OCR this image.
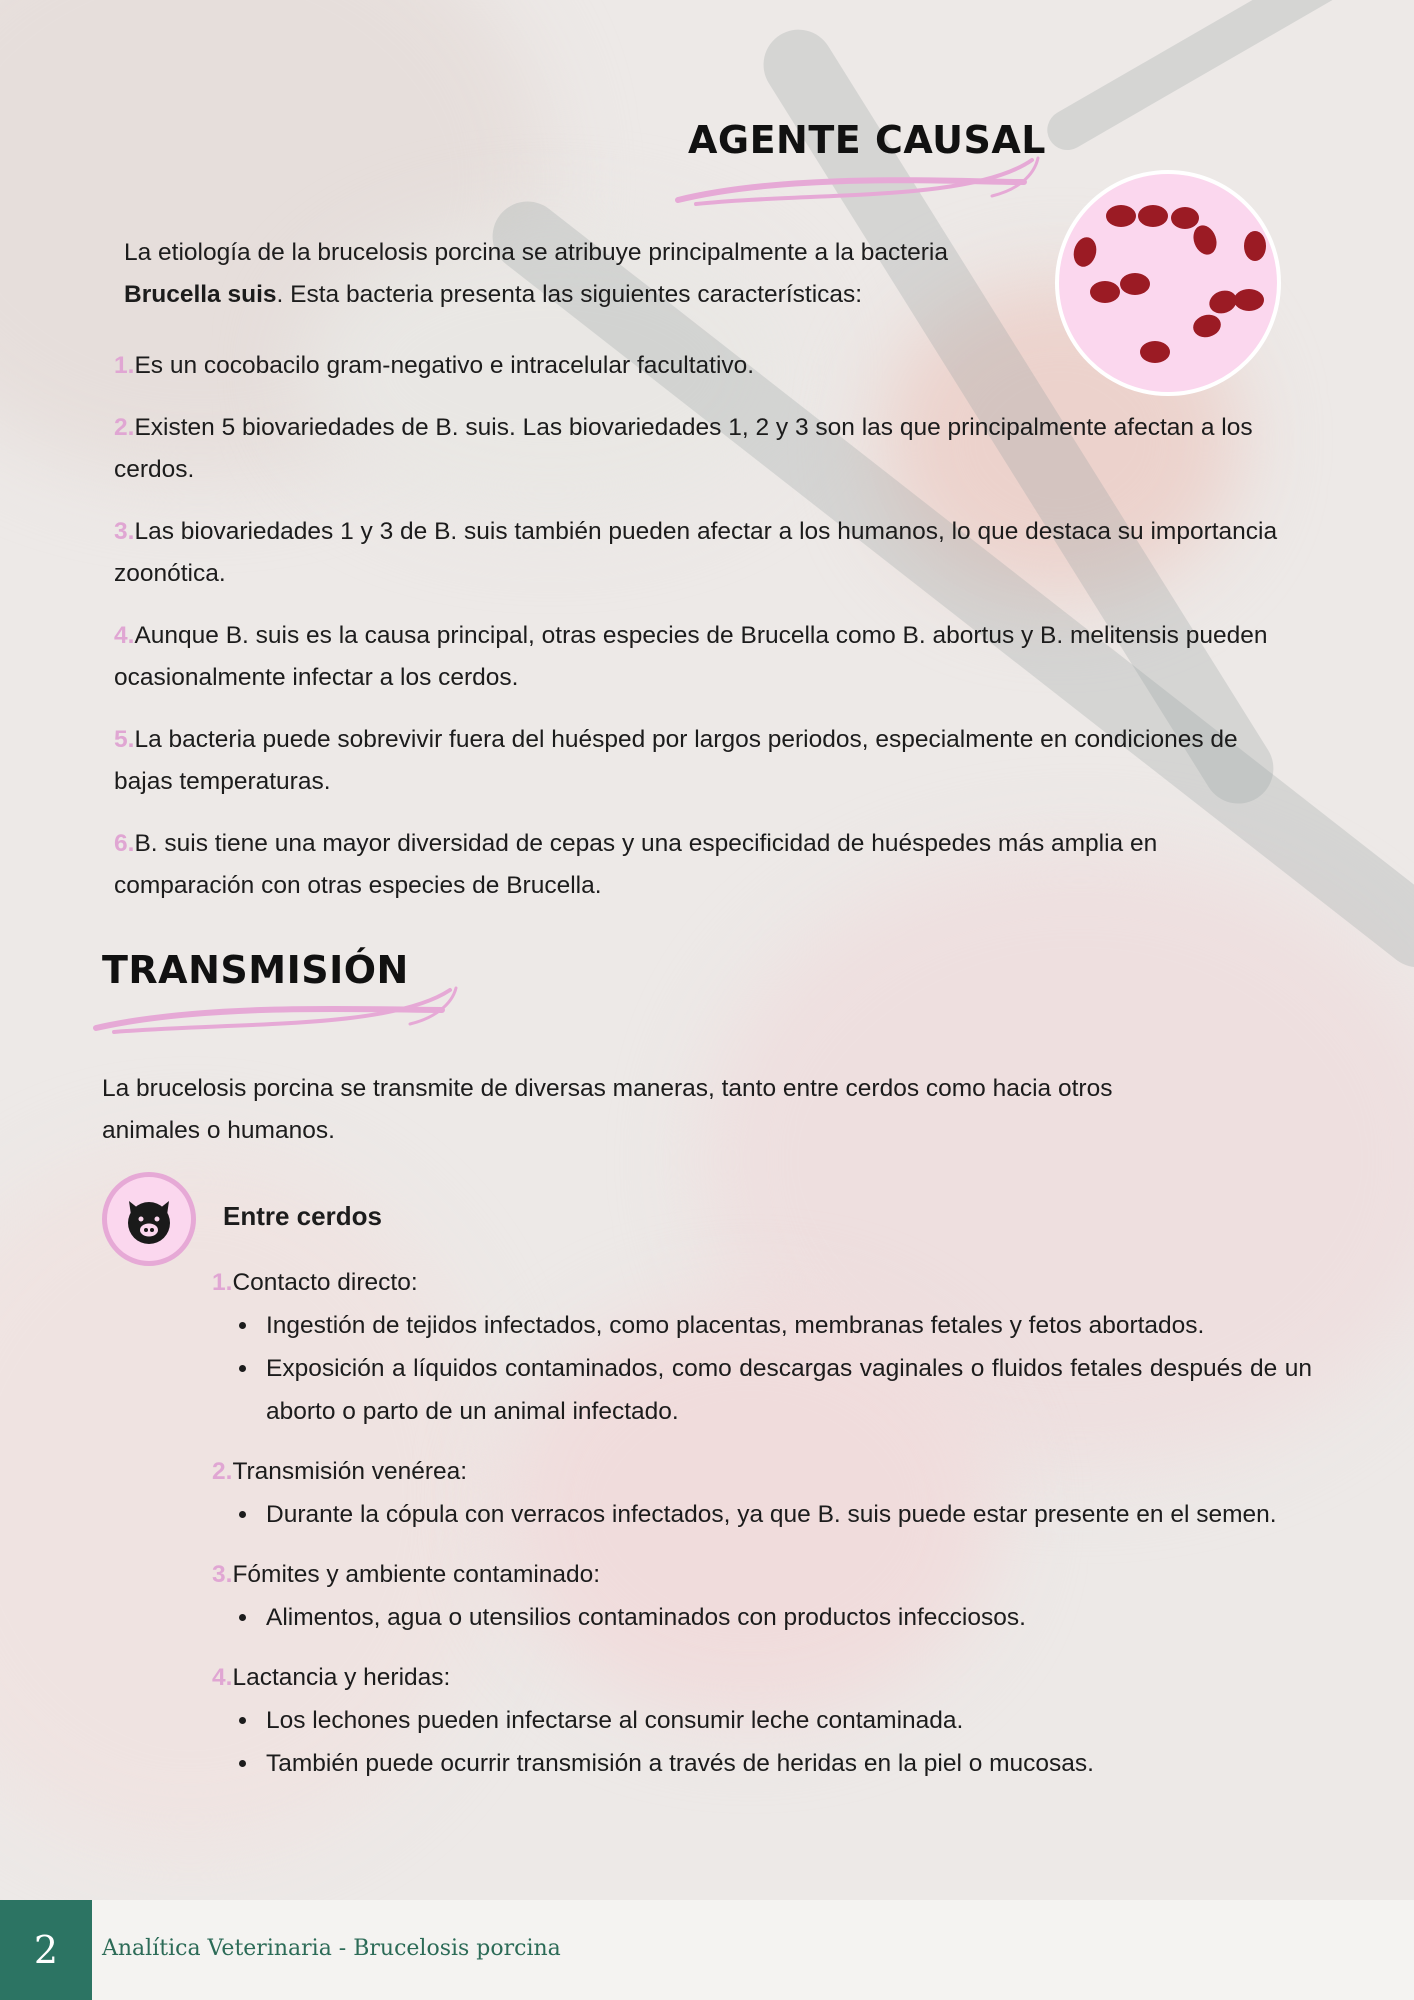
AGENTE CAUSAL

La etiología de la brucelosis porcina se atribuye principalmente a la bacteria Brucella suis. Esta bacteria presenta las siguientes características:

1.Es un cocobacilo gram-negativo e intracelular facultativo.
2.Existen 5 biovariedades de B. suis. Las biovariedades 1, 2 y 3 son las que principalmente afectan a los cerdos.
3.Las biovariedades 1 y 3 de B. suis también pueden afectar a los humanos, lo que destaca su importancia zoonótica.
4.Aunque B. suis es la causa principal, otras especies de Brucella como B. abortus y B. melitensis pueden ocasionalmente infectar a los cerdos.
5.La bacteria puede sobrevivir fuera del huésped por largos periodos, especialmente en condiciones de bajas temperaturas.
6.B. suis tiene una mayor diversidad de cepas y una especificidad de huéspedes más amplia en comparación con otras especies de Brucella.
TRANSMISIÓN

La brucelosis porcina se transmite de diversas maneras, tanto entre cerdos como hacia otros animales o humanos.

Entre cerdos
1.Contacto directo:
• Ingestión de tejidos infectados, como placentas, membranas fetales y fetos abortados.
• Exposición a líquidos contaminados, como descargas vaginales o fluidos fetales después de un aborto o parto de un animal infectado.
2.Transmisión venérea:
• Durante la cópula con verracos infectados, ya que B. suis puede estar presente en el semen.
3.Fómites y ambiente contaminado:
• Alimentos, agua o utensilios contaminados con productos infecciosos.
4.Lactancia y heridas:
• Los lechones pueden infectarse al consumir leche contaminada.
• También puede ocurrir transmisión a través de heridas en la piel o mucosas.
2	Analítica Veterinaria - Brucelosis porcina
